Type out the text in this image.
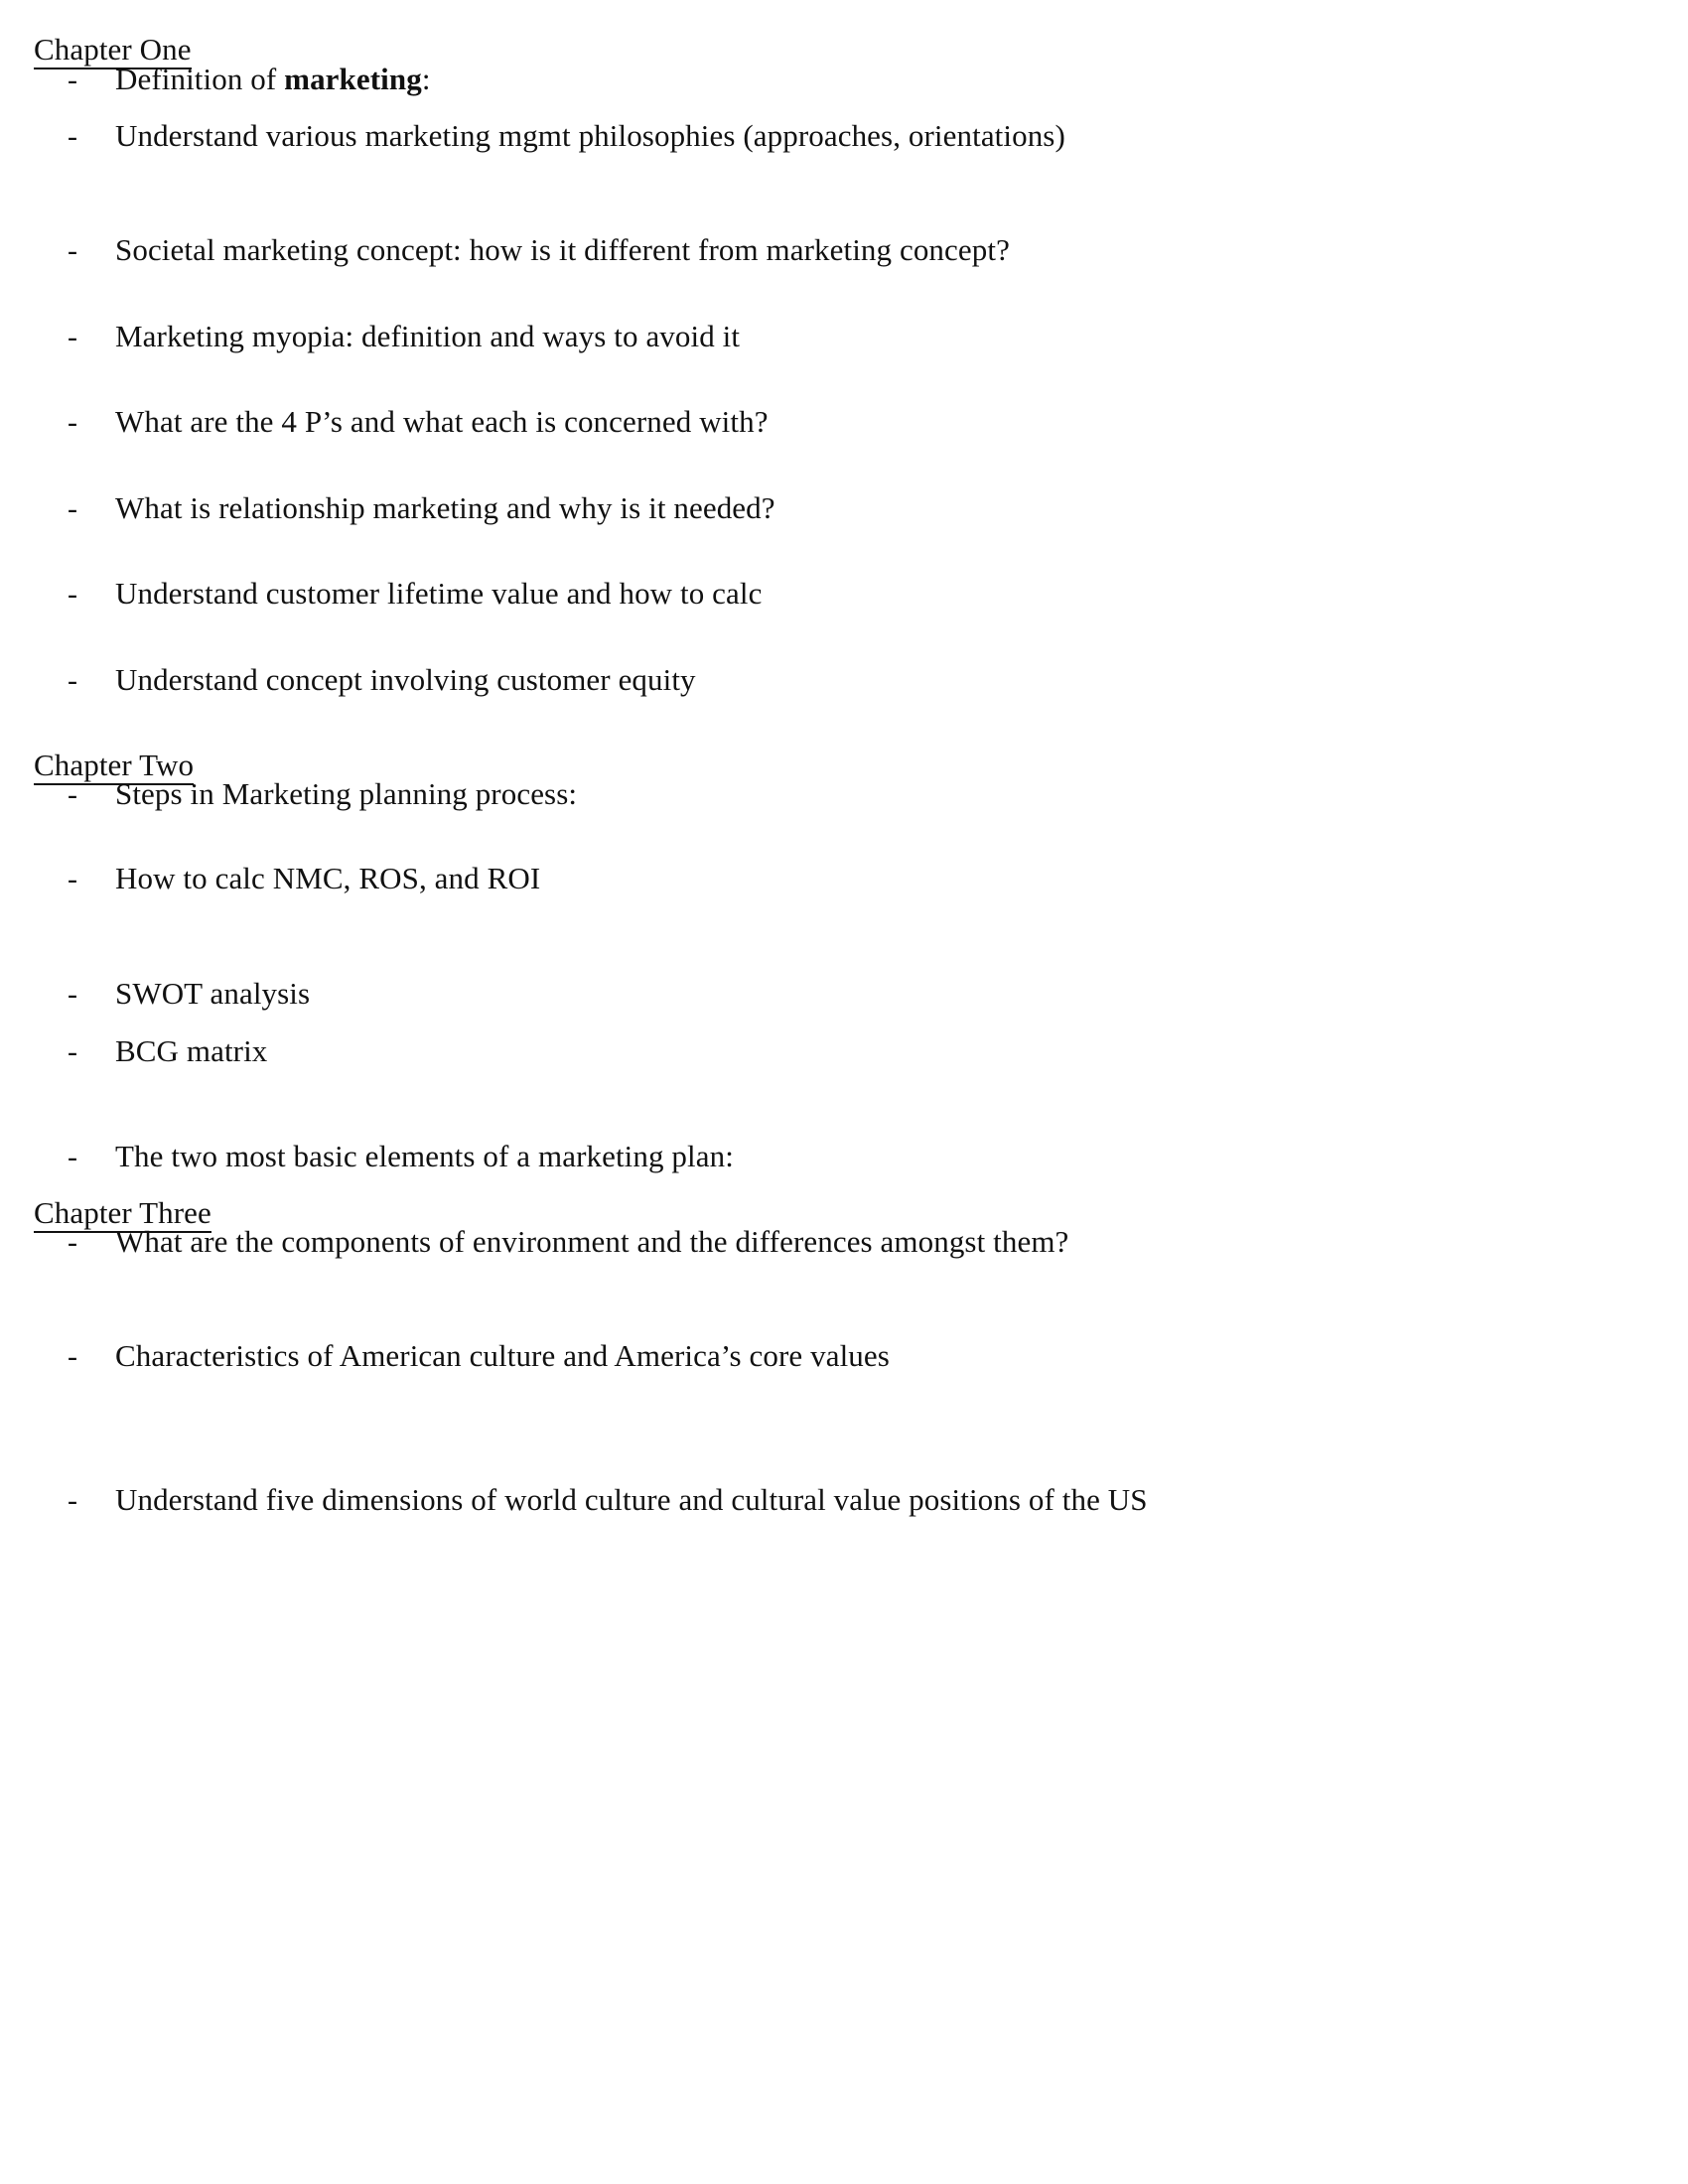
Chapter One
-	Definition of marketing:
-	Understand various marketing mgmt philosophies (approaches, orientations)
-	Societal marketing concept: how is it different from marketing concept?
-	Marketing myopia: definition and ways to avoid it
-	What are the 4 P’s and what each is concerned with?
-	What is relationship marketing and why is it needed?
-	Understand customer lifetime value and how to calc
-	Understand concept involving customer equity
Chapter Two
-	Steps in Marketing planning process:
-	How to calc NMC, ROS, and ROI
-	SWOT analysis
-	BCG matrix
-	The two most basic elements of a marketing plan:
Chapter Three
-	What are the components of environment and the differences amongst them?
-	Characteristics of American culture and America’s core values
-	Understand five dimensions of world culture and cultural value positions of the US
